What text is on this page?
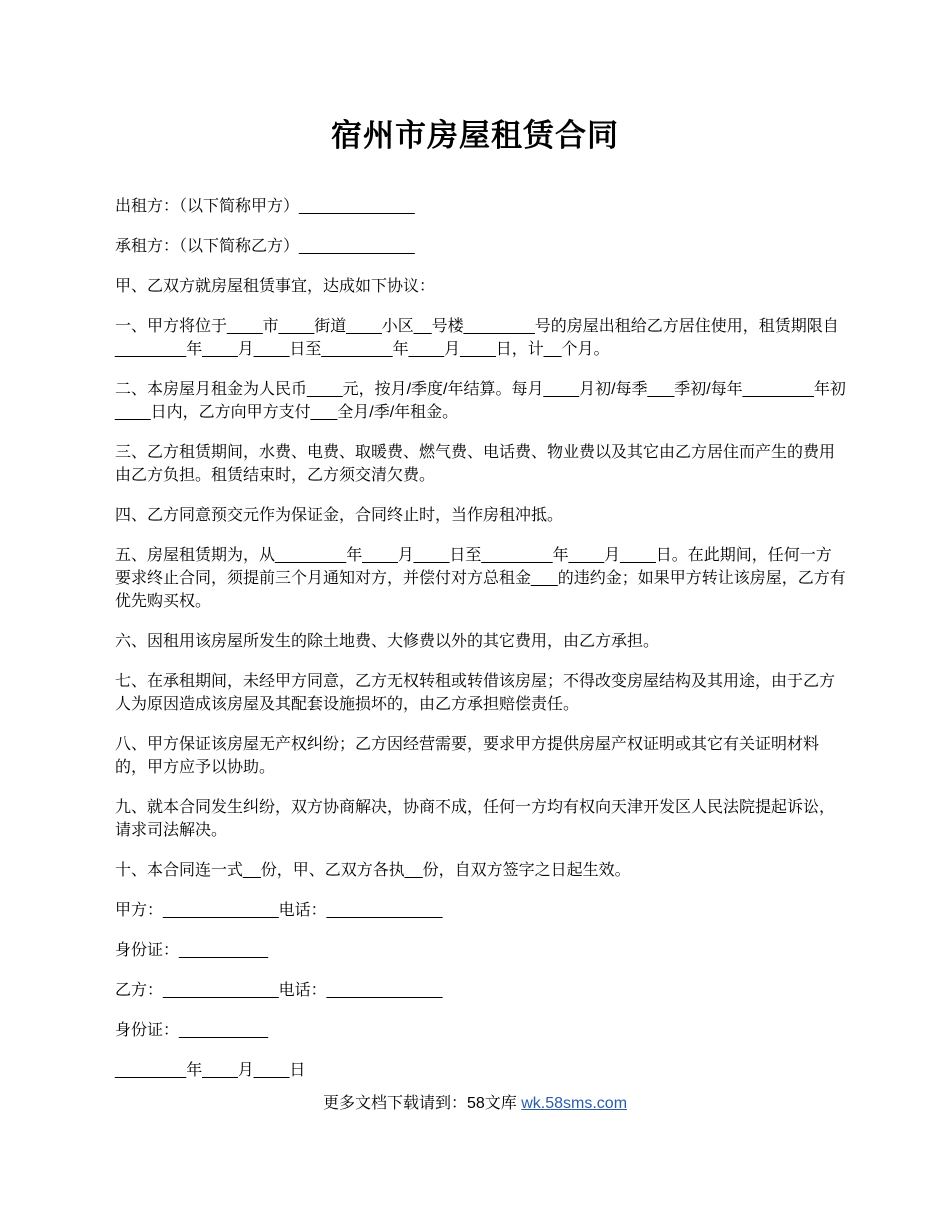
宿州市房屋租赁合同

出租方：（以下简称甲方）_____________

承租方：（以下简称乙方）_____________

甲、乙双方就房屋租赁事宜，达成如下协议：

一、甲方将位于____市____街道____小区__号楼________号的房屋出租给乙方居住使用，租赁期限自________年____月____日至________年____月____日，计__个月。

二、本房屋月租金为人民币____元，按月/季度/年结算。每月____月初/每季___季初/每年________年初____日内，乙方向甲方支付___全月/季/年租金。

三、乙方租赁期间，水费、电费、取暖费、燃气费、电话费、物业费以及其它由乙方居住而产生的费用由乙方负担。租赁结束时，乙方须交清欠费。

四、乙方同意预交元作为保证金，合同终止时，当作房租冲抵。

五、房屋租赁期为，从________年____月____日至________年____月____日。在此期间，任何一方要求终止合同，须提前三个月通知对方，并偿付对方总租金___的违约金；如果甲方转让该房屋，乙方有优先购买权。

六、因租用该房屋所发生的除土地费、大修费以外的其它费用，由乙方承担。

七、在承租期间，未经甲方同意，乙方无权转租或转借该房屋；不得改变房屋结构及其用途，由于乙方人为原因造成该房屋及其配套设施损坏的，由乙方承担赔偿责任。

八、甲方保证该房屋无产权纠纷；乙方因经营需要，要求甲方提供房屋产权证明或其它有关证明材料的，甲方应予以协助。

九、就本合同发生纠纷，双方协商解决，协商不成，任何一方均有权向天津开发区人民法院提起诉讼，请求司法解决。

十、本合同连一式__份，甲、乙双方各执__份，自双方签字之日起生效。

甲方：_____________电话：_____________

身份证：__________

乙方：_____________电话：_____________

身份证：__________

________年____月____日

更多文档下载请到：58文库 wk.58sms.com
